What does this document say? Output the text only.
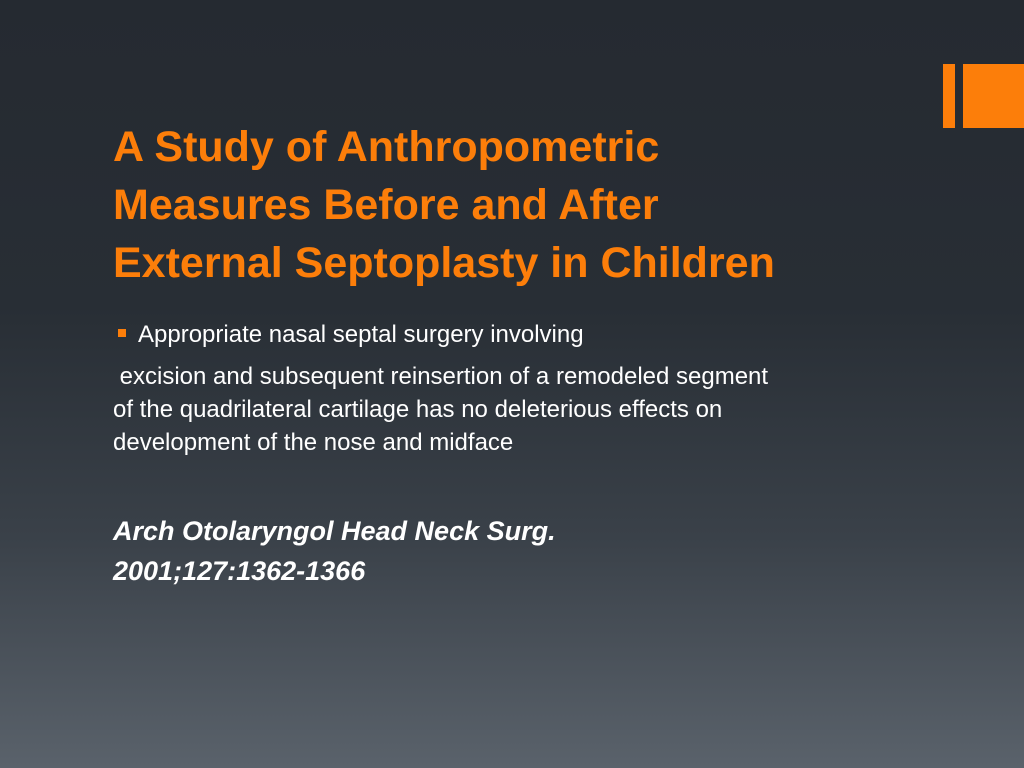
A Study of Anthropometric
Measures Before and After
External Septoplasty in Children
Appropriate nasal septal surgery involving
excision and subsequent reinsertion of a remodeled segment
of the quadrilateral cartilage has no deleterious effects on
development of the nose and midface
Arch Otolaryngol Head Neck Surg.
2001;127:1362-1366
